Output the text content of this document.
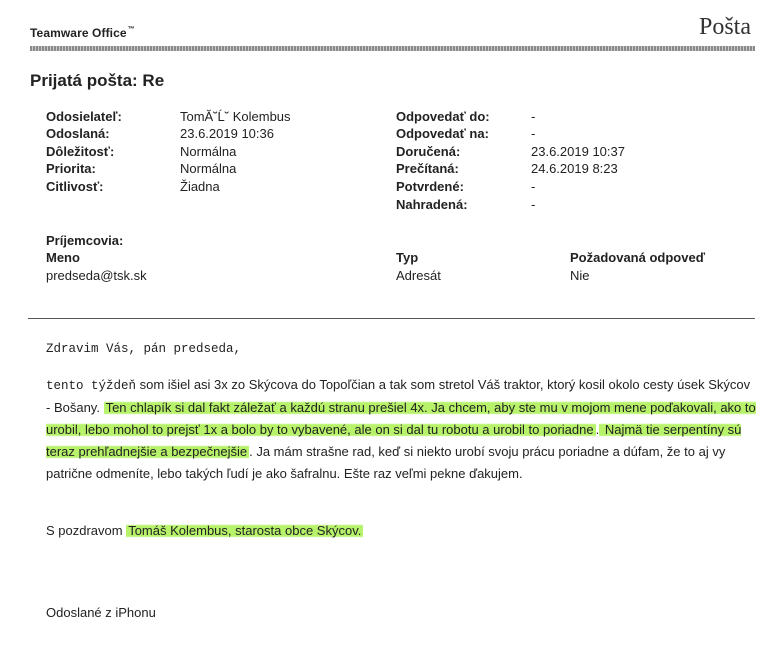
Teamware Office™	Pošta
Prijatá pošta: Re
Odosielateľ:	TomĂ˘Ĺ˘ Kolembus
Odoslaná:	23.6.2019 10:36
Dôležitosť:	Normálna
Priorita:	Normálna
Citlivosť:	Žiadna
Odpovedať do:	-
Odpovedať na:	-
Doručená:	23.6.2019 10:37
Prečítaná:	24.6.2019 8:23
Potvrdené:	-
Nahradená:	-
Príjemcovia:
Meno	Typ	Požadovaná odpoveď
predseda@tsk.sk	Adresát	Nie
Zdravim Vás, pán predseda,
tento týždeň som išiel asi 3x zo Skýcova do Topoľčian a tak som stretol Váš traktor, ktorý kosil okolo cesty úsek Skýcov - Bošany. Ten chlapík si dal fakt záležať a každú stranu prešiel 4x. Ja chcem, aby ste mu v mojom mene poďakovali, ako to urobil, lebo mohol to prejsť 1x a bolo by to vybavené, ale on si dal tu robotu a urobil to poriadne . Najmä tie serpentíny sú teraz prehľadnejšie a bezpečnejšie . Ja mám strašne rad, keď si niekto urobí svoju prácu poriadne a dúfam, že to aj vy patrične odmeníte, lebo takých ľudí je ako šafralnu. Ešte raz veľmi pekne ďakujem.
S pozdravom Tomáš Kolembus, starosta obce Skýcov.
Odoslané z iPhonu
